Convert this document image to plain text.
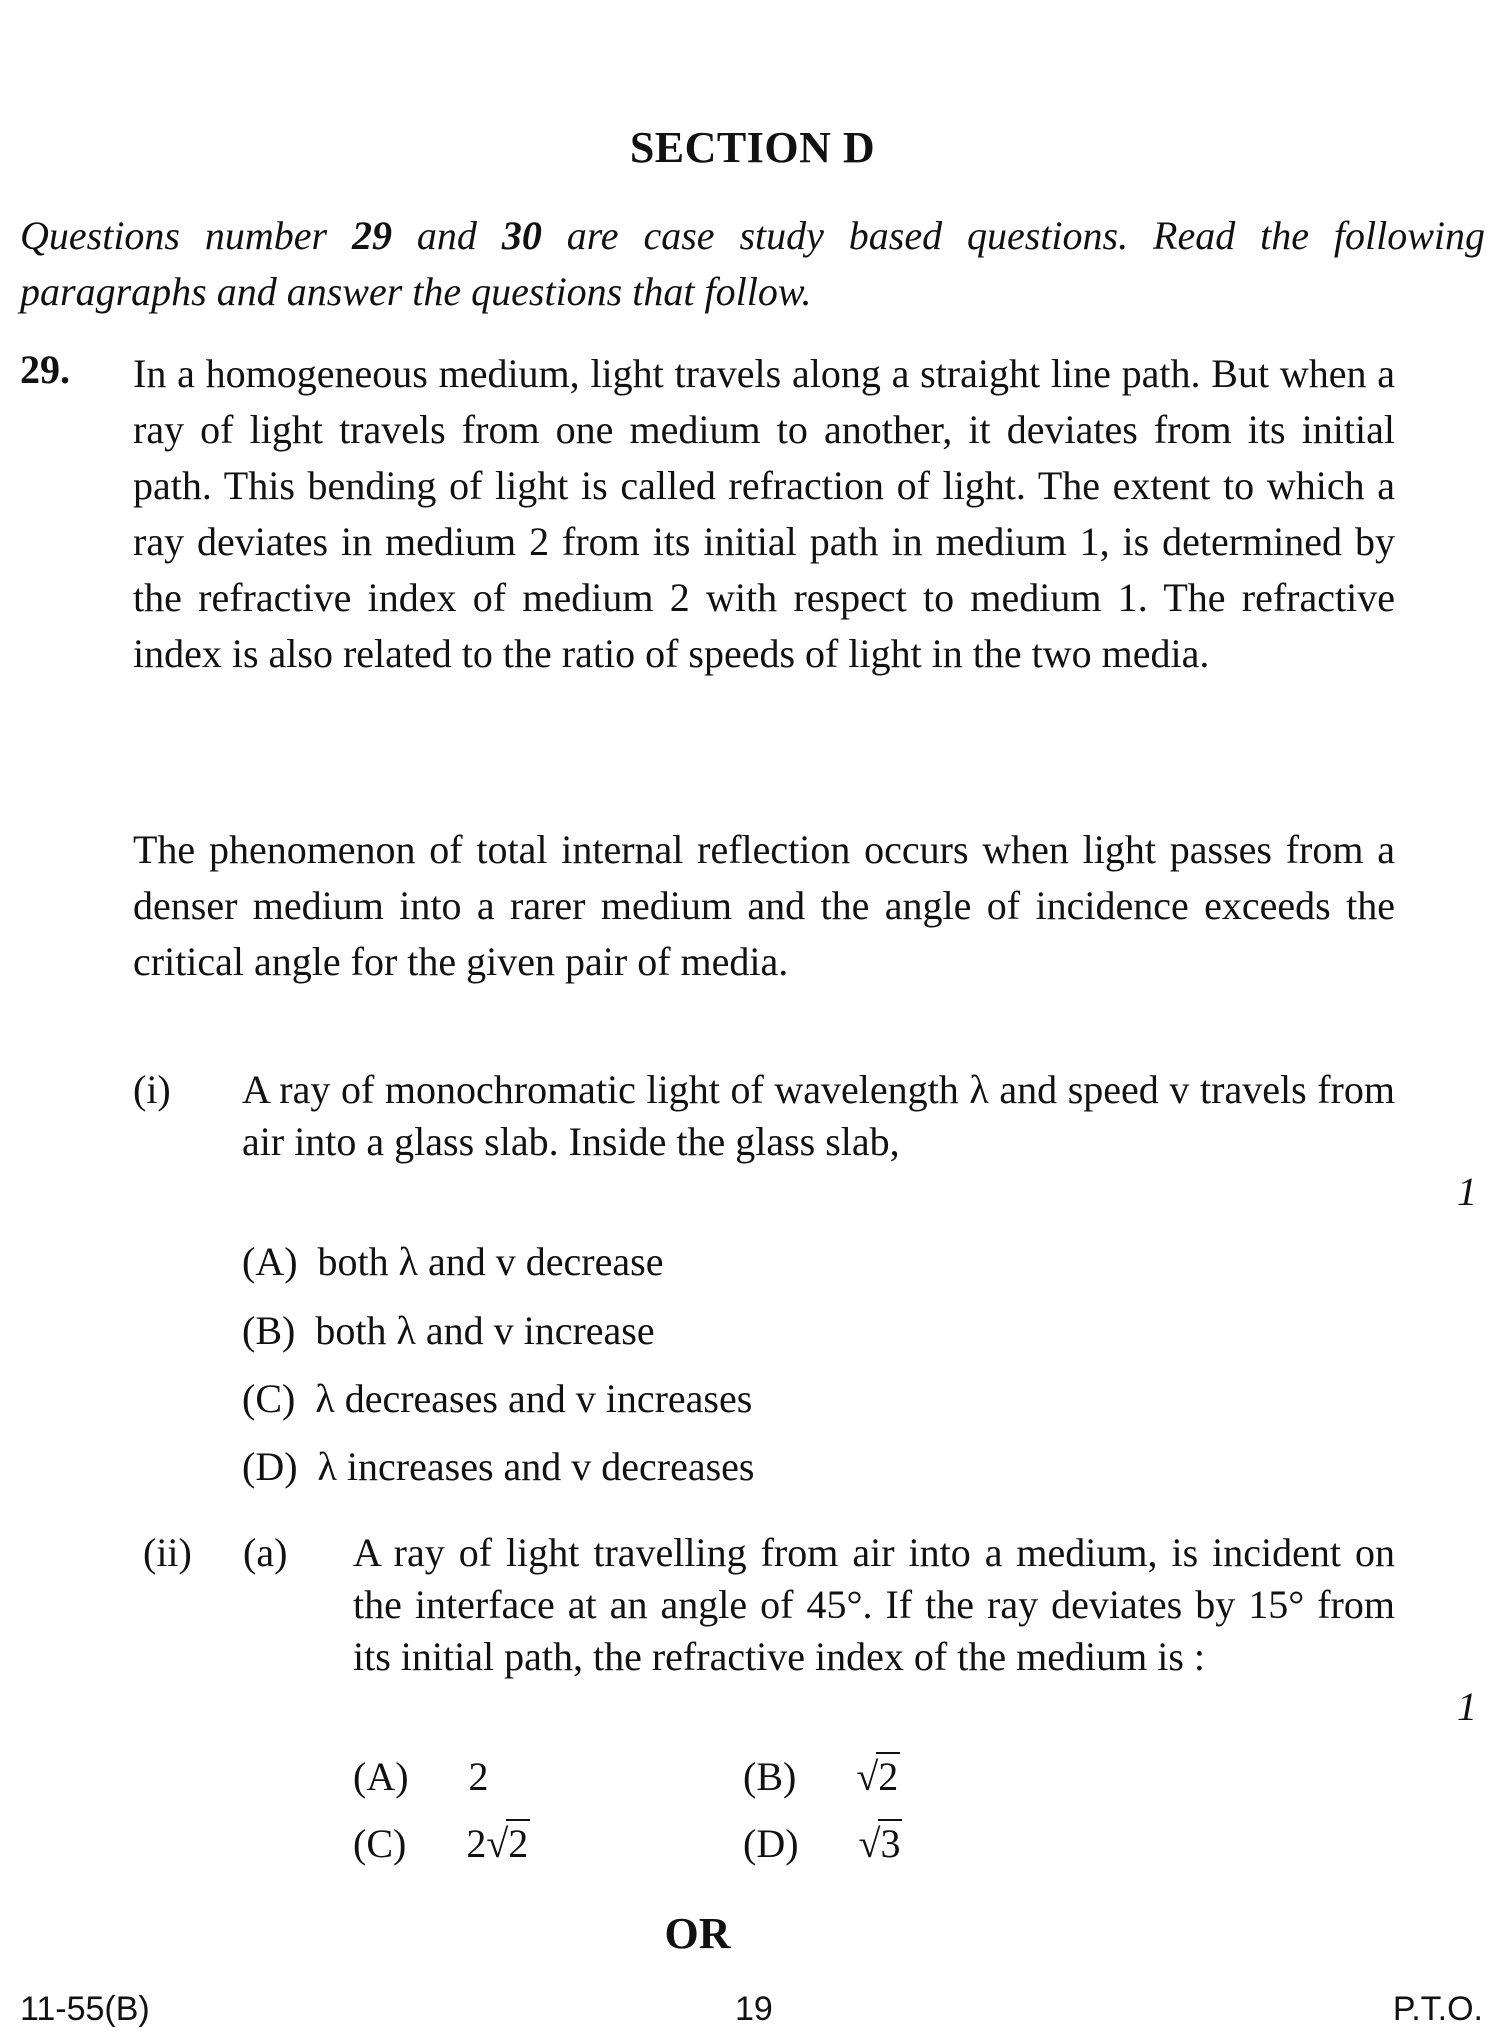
SECTION D
Questions number 29 and 30 are case study based questions. Read the following paragraphs and answer the questions that follow.
29. In a homogeneous medium, light travels along a straight line path. But when a ray of light travels from one medium to another, it deviates from its initial path. This bending of light is called refraction of light. The extent to which a ray deviates in medium 2 from its initial path in medium 1, is determined by the refractive index of medium 2 with respect to medium 1. The refractive index is also related to the ratio of speeds of light in the two media.
The phenomenon of total internal reflection occurs when light passes from a denser medium into a rarer medium and the angle of incidence exceeds the critical angle for the given pair of media.
(i) A ray of monochromatic light of wavelength λ and speed v travels from air into a glass slab. Inside the glass slab,
1
(A) both λ and v decrease
(B) both λ and v increase
(C) λ decreases and v increases
(D) λ increases and v decreases
(ii) (a) A ray of light travelling from air into a medium, is incident on the interface at an angle of 45°. If the ray deviates by 15° from its initial path, the refractive index of the medium is :
1
(A) 2	(B) √2
(C) 2√2	(D) √3
OR
11-55(B)	19	P.T.O.
